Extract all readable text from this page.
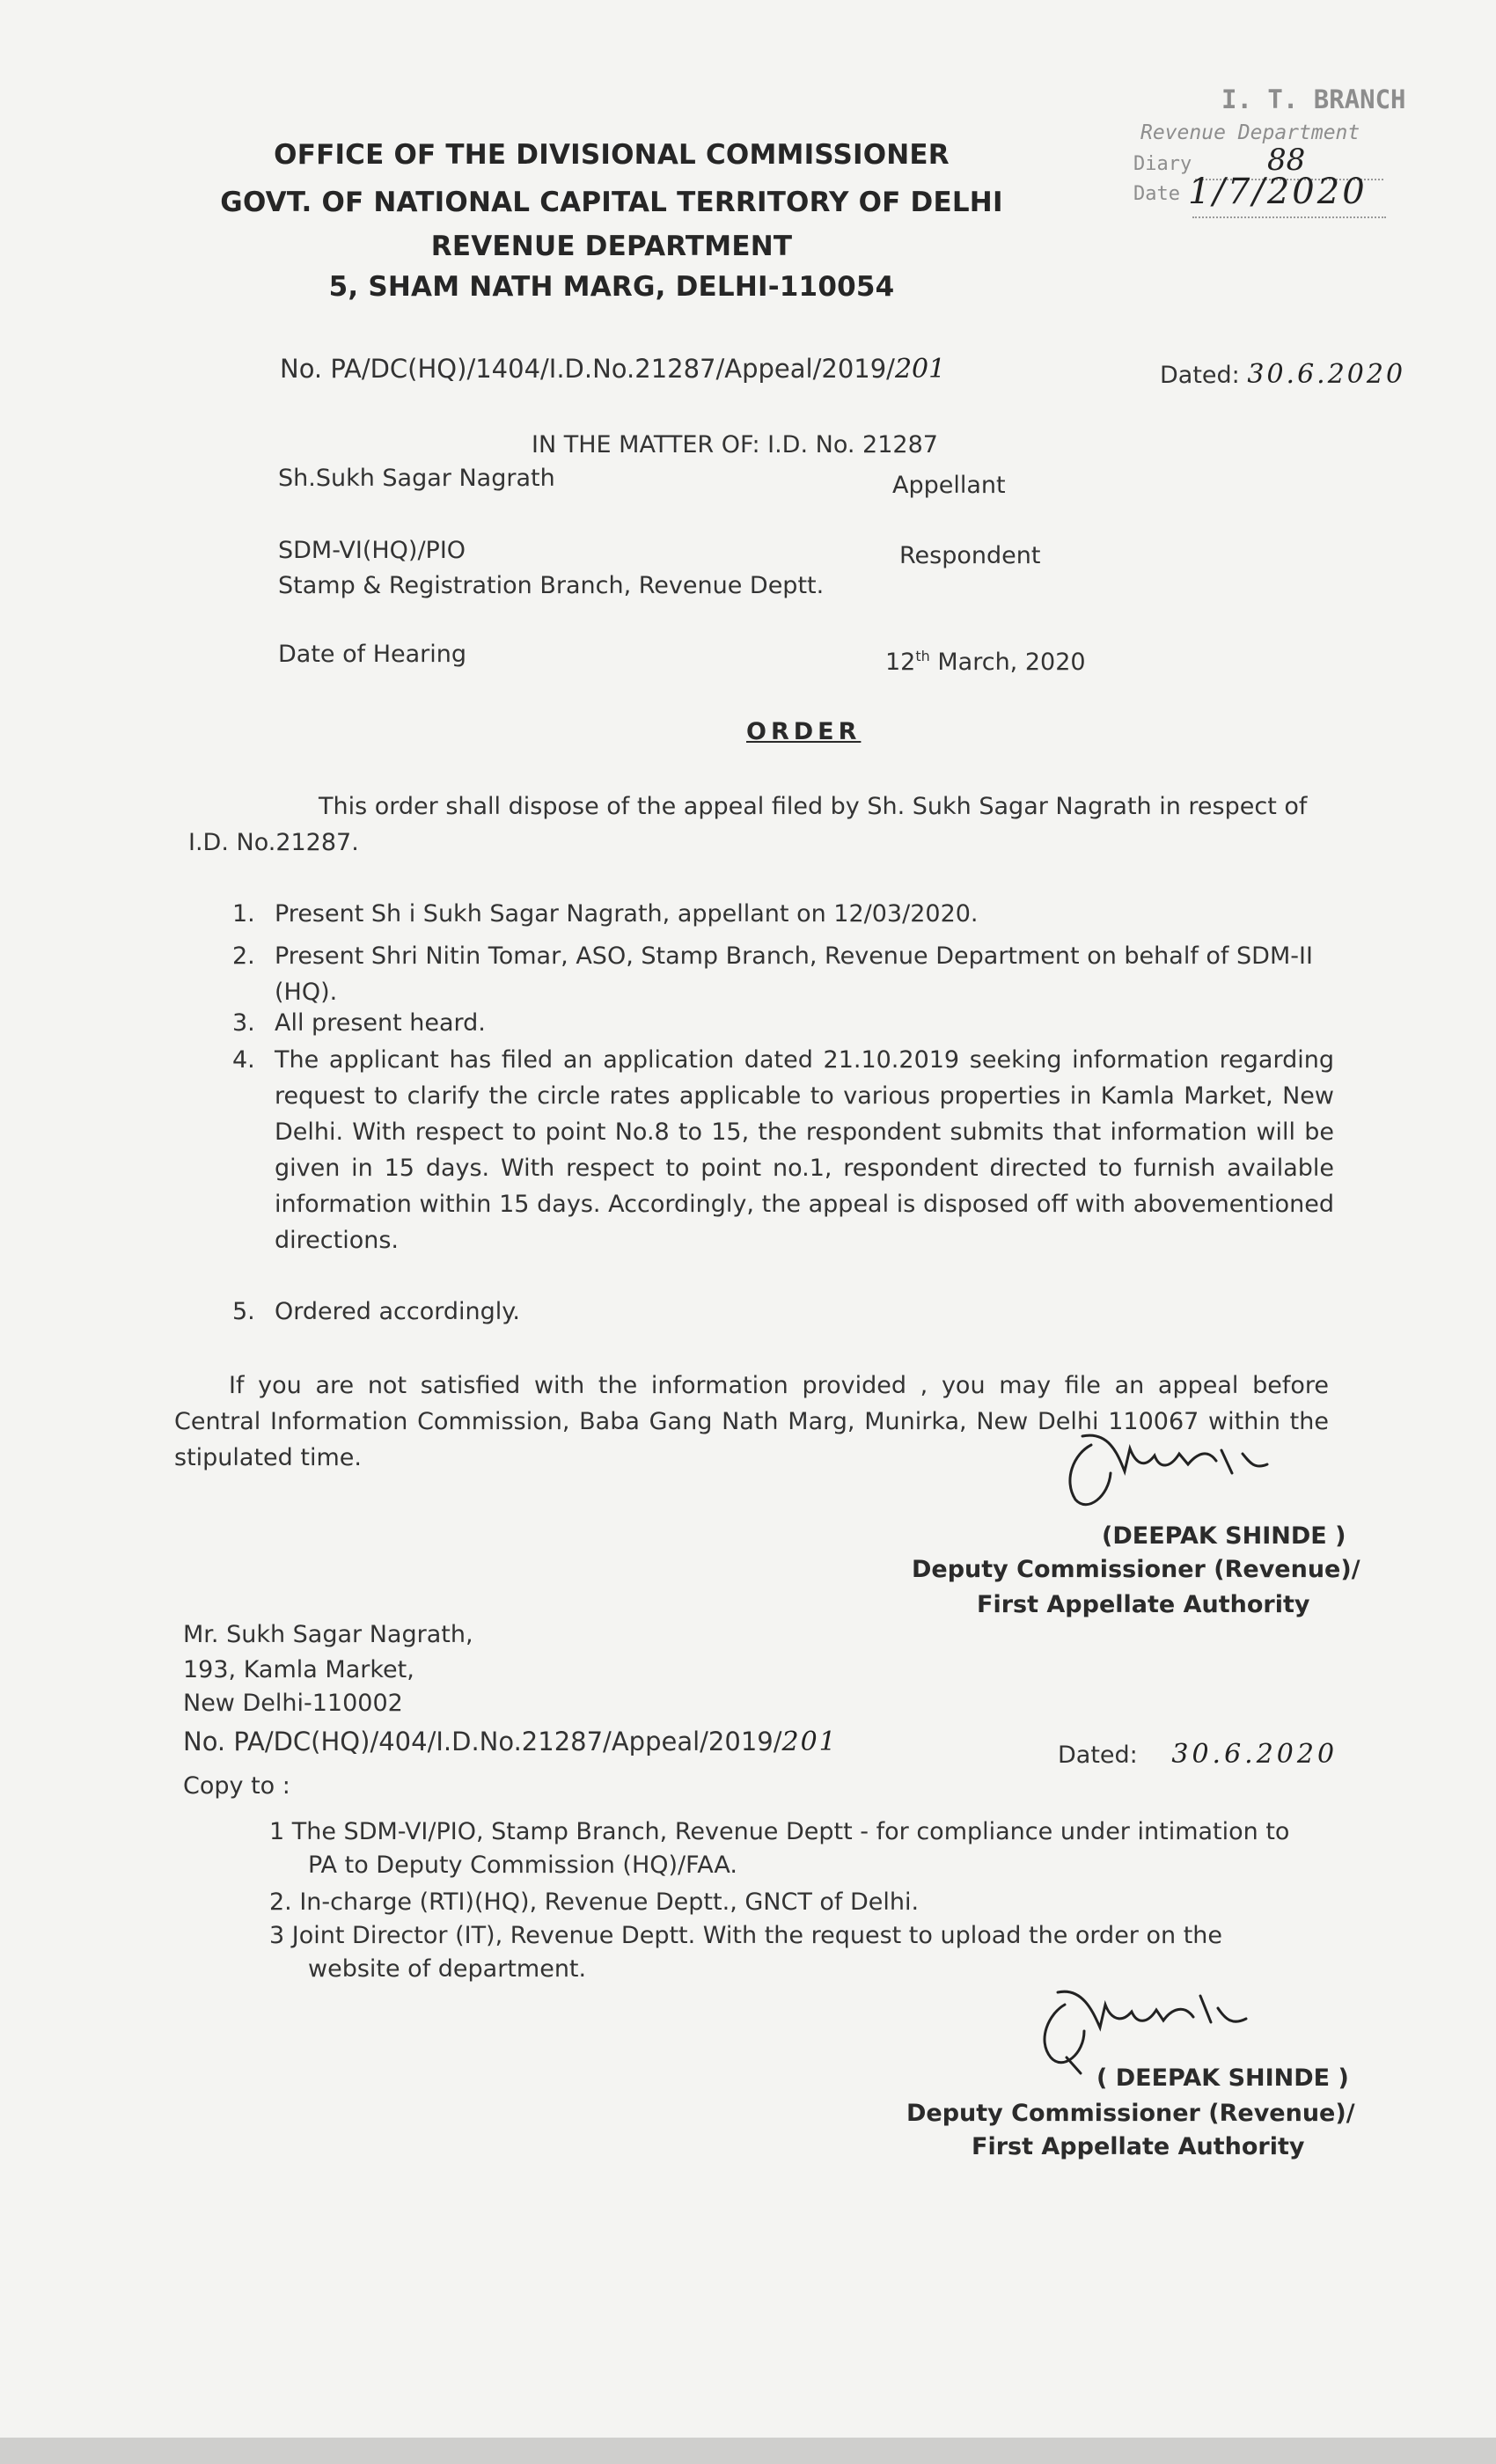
I. T. BRANCH
Revenue Department
Diary	88
Date 1/7/2020
OFFICE OF THE DIVISIONAL COMMISSIONER
GOVT. OF NATIONAL CAPITAL TERRITORY OF DELHI
REVENUE DEPARTMENT
5, SHAM NATH MARG, DELHI-110054
No. PA/DC(HQ)/1404/I.D.No.21287/Appeal/2019/201	Dated: 30.6.2020
IN THE MATTER OF: I.D. No. 21287
Sh.Sukh Sagar Nagrath	Appellant
SDM-VI(HQ)/PIO	Respondent
Stamp & Registration Branch, Revenue Deptt.
Date of Hearing	12th March, 2020
ORDER
This order shall dispose of the appeal filed by Sh. Sukh Sagar Nagrath in respect of I.D. No.21287.
1. Present Sh i Sukh Sagar Nagrath, appellant on 12/03/2020.
2. Present Shri Nitin Tomar, ASO, Stamp Branch, Revenue Department on behalf of SDM-II (HQ).
3. All present heard.
4. The applicant has filed an application dated 21.10.2019 seeking information regarding request to clarify the circle rates applicable to various properties in Kamla Market, New Delhi. With respect to point No.8 to 15, the respondent submits that information will be given in 15 days. With respect to point no.1, respondent directed to furnish available information within 15 days. Accordingly, the appeal is disposed off with abovementioned directions.
5. Ordered accordingly.
If you are not satisfied with the information provided , you may file an appeal before Central Information Commission, Baba Gang Nath Marg, Munirka, New Delhi 110067 within the stipulated time.
(DEEPAK SHINDE )
Deputy Commissioner (Revenue)/
First Appellate Authority
Mr. Sukh Sagar Nagrath,
193, Kamla Market,
New Delhi-110002
No. PA/DC(HQ)/404/I.D.No.21287/Appeal/2019/201	Dated: 30.6.2020
Copy to :
1 The SDM-VI/PIO, Stamp Branch, Revenue Deptt - for compliance under intimation to
PA to Deputy Commission (HQ)/FAA.
2. In-charge (RTI)(HQ), Revenue Deptt., GNCT of Delhi.
3 Joint Director (IT), Revenue Deptt. With the request to upload the order on the
website of department.
( DEEPAK SHINDE )
Deputy Commissioner (Revenue)/
First Appellate Authority
